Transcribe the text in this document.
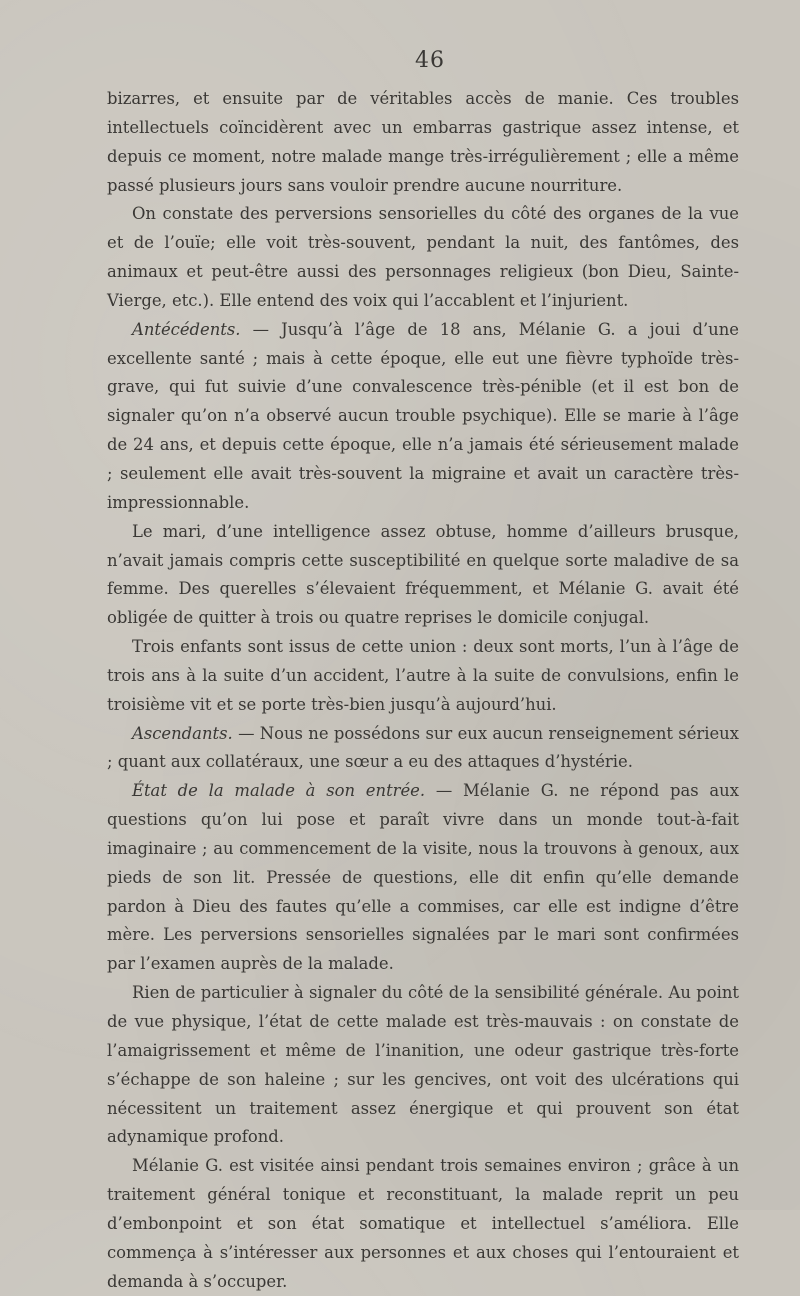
46

bizarres, et ensuite par de véritables accès de manie. Ces troubles intellectuels coïncidèrent avec un embarras gastrique assez intense, et depuis ce moment, notre malade mange très-irrégulièrement ; elle a même passé plusieurs jours sans vouloir prendre aucune nourriture.

On constate des perversions sensorielles du côté des organes de la vue et de l’ouïe; elle voit très-souvent, pendant la nuit, des fantômes, des animaux et peut-être aussi des personnages religieux (bon Dieu, Sainte-Vierge, etc.). Elle entend des voix qui l’accablent et l’injurient.

Antécédents. — Jusqu’à l’âge de 18 ans, Mélanie G. a joui d’une excellente santé ; mais à cette époque, elle eut une fièvre typhoïde très-grave, qui fut suivie d’une convalescence très-pénible (et il est bon de signaler qu’on n’a observé aucun trouble psychique). Elle se marie à l’âge de 24 ans, et depuis cette époque, elle n’a jamais été sérieusement malade ; seulement elle avait très-souvent la migraine et avait un caractère très-impressionnable.

Le mari, d’une intelligence assez obtuse, homme d’ailleurs brusque, n’avait jamais compris cette susceptibilité en quelque sorte maladive de sa femme. Des querelles s’élevaient fréquemment, et Mélanie G. avait été obligée de quitter à trois ou quatre reprises le domicile conjugal.

Trois enfants sont issus de cette union : deux sont morts, l’un à l’âge de trois ans à la suite d’un accident, l’autre à la suite de convulsions, enfin le troisième vit et se porte très-bien jusqu’à aujourd’hui.

Ascendants. — Nous ne possédons sur eux aucun renseignement sérieux ; quant aux collatéraux, une sœur a eu des attaques d’hystérie.

État de la malade à son entrée. — Mélanie G. ne répond pas aux questions qu’on lui pose et paraît vivre dans un monde tout-à-fait imaginaire ; au commencement de la visite, nous la trouvons à genoux, aux pieds de son lit. Pressée de questions, elle dit enfin qu’elle demande pardon à Dieu des fautes qu’elle a commises, car elle est indigne d’être mère. Les perversions sensorielles signalées par le mari sont confirmées par l’examen auprès de la malade.

Rien de particulier à signaler du côté de la sensibilité générale. Au point de vue physique, l’état de cette malade est très-mauvais : on constate de l’amaigrissement et même de l’inanition, une odeur gastrique très-forte s’échappe de son haleine ; sur les gencives, ont voit des ulcérations qui nécessitent un traitement assez énergique et qui prouvent son état adynamique profond.

Mélanie G. est visitée ainsi pendant trois semaines environ ; grâce à un traitement général tonique et reconstituant, la malade reprit un peu d’embonpoint et son état somatique et intellectuel s’améliora. Elle commença à s’intéresser aux personnes et aux choses qui l’entouraient et demanda à s’occuper.
